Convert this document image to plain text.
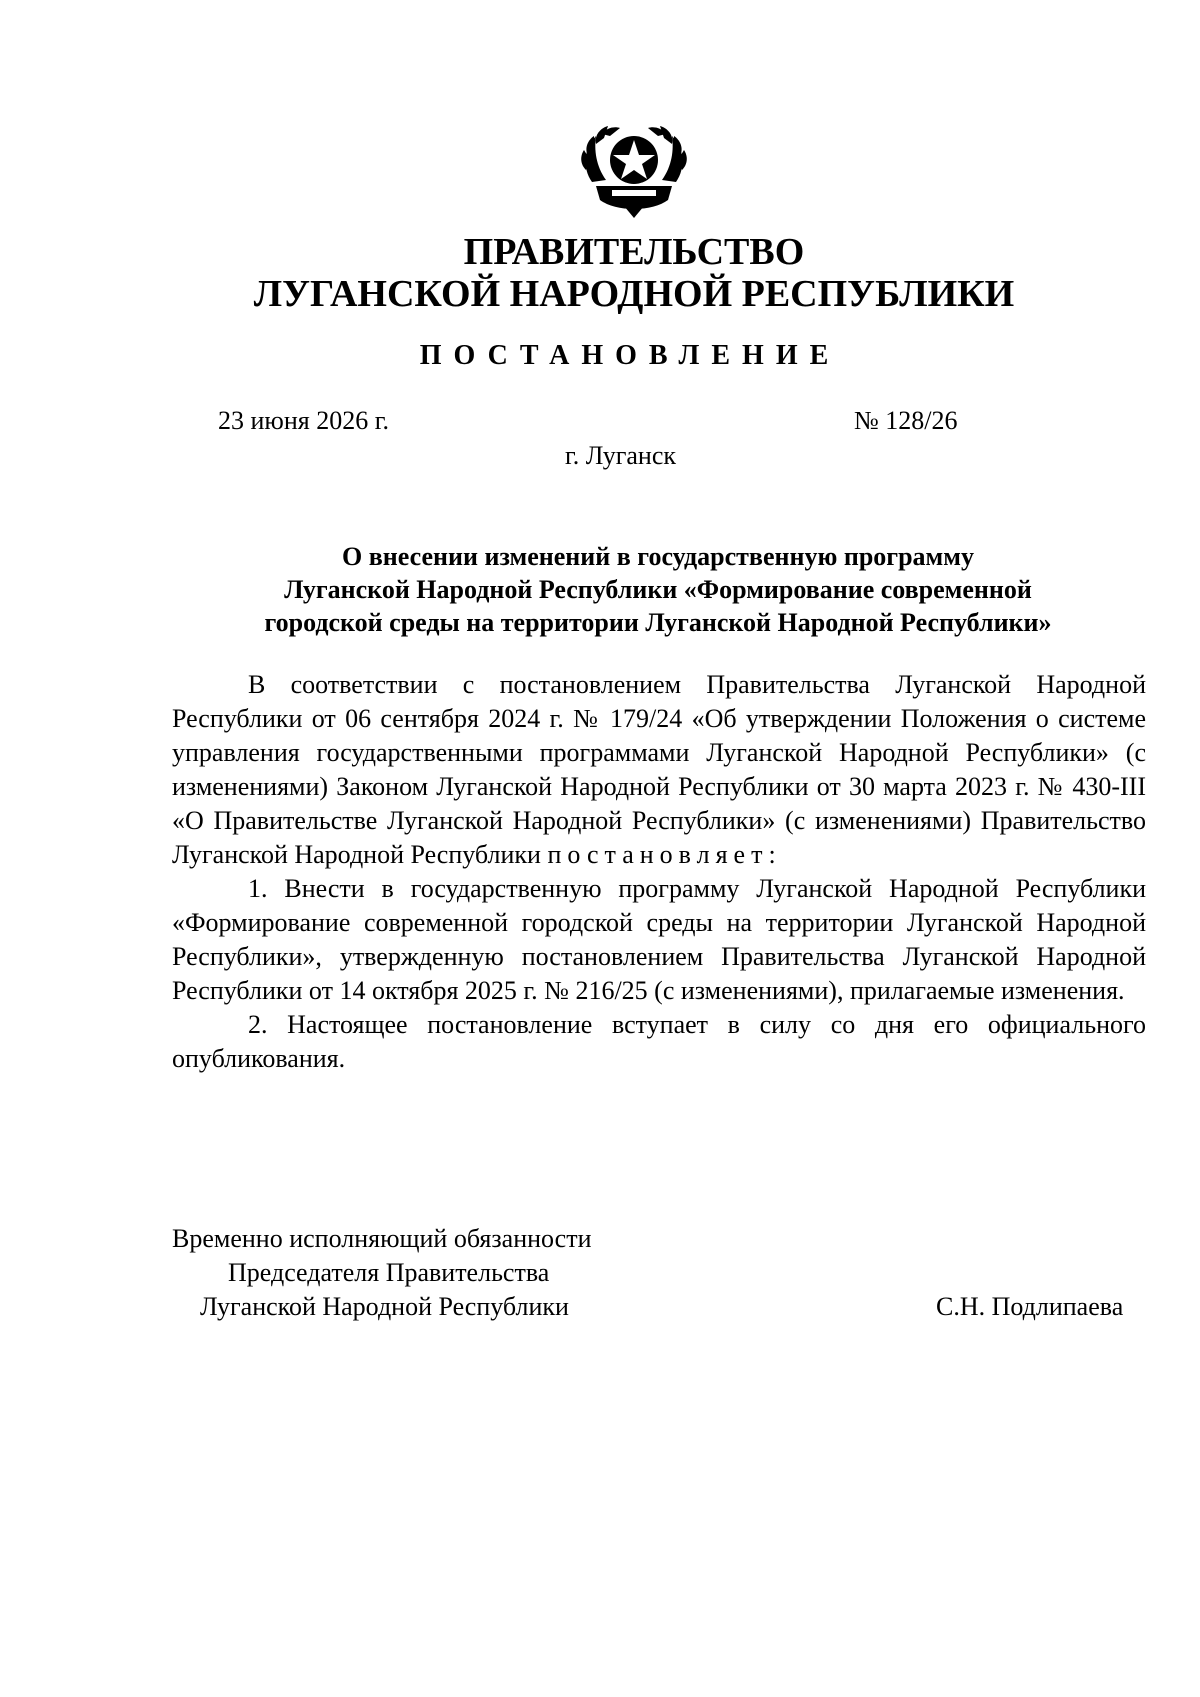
ПРАВИТЕЛЬСТВО
ЛУГАНСКОЙ НАРОДНОЙ РЕСПУБЛИКИ
ПОСТАНОВЛЕНИЕ
23 июня 2026 г.	№ 128/26
г. Луганск
О внесении изменений в государственную программу
Луганской Народной Республики «Формирование современной
городской среды на территории Луганской Народной Республики»

В соответствии с постановлением Правительства Луганской Народной Республики от 06 сентября 2024 г. № 179/24 «Об утверждении Положения о системе управления государственными программами Луганской Народной Республики» (с изменениями) Законом Луганской Народной Республики от 30 марта 2023 г. № 430-III «О Правительстве Луганской Народной Республики» (с изменениями) Правительство Луганской Народной Республики постановляет:

1. Внести в государственную программу Луганской Народной Республики «Формирование современной городской среды на территории Луганской Народной Республики», утвержденную постановлением Правительства Луганской Народной Республики от 14 октября 2025 г. № 216/25 (с изменениями), прилагаемые изменения.

2. Настоящее постановление вступает в силу со дня его официального опубликования.

Временно исполняющий обязанности
Председателя Правительства
Луганской Народной Республики	С.Н. Подлипаева
